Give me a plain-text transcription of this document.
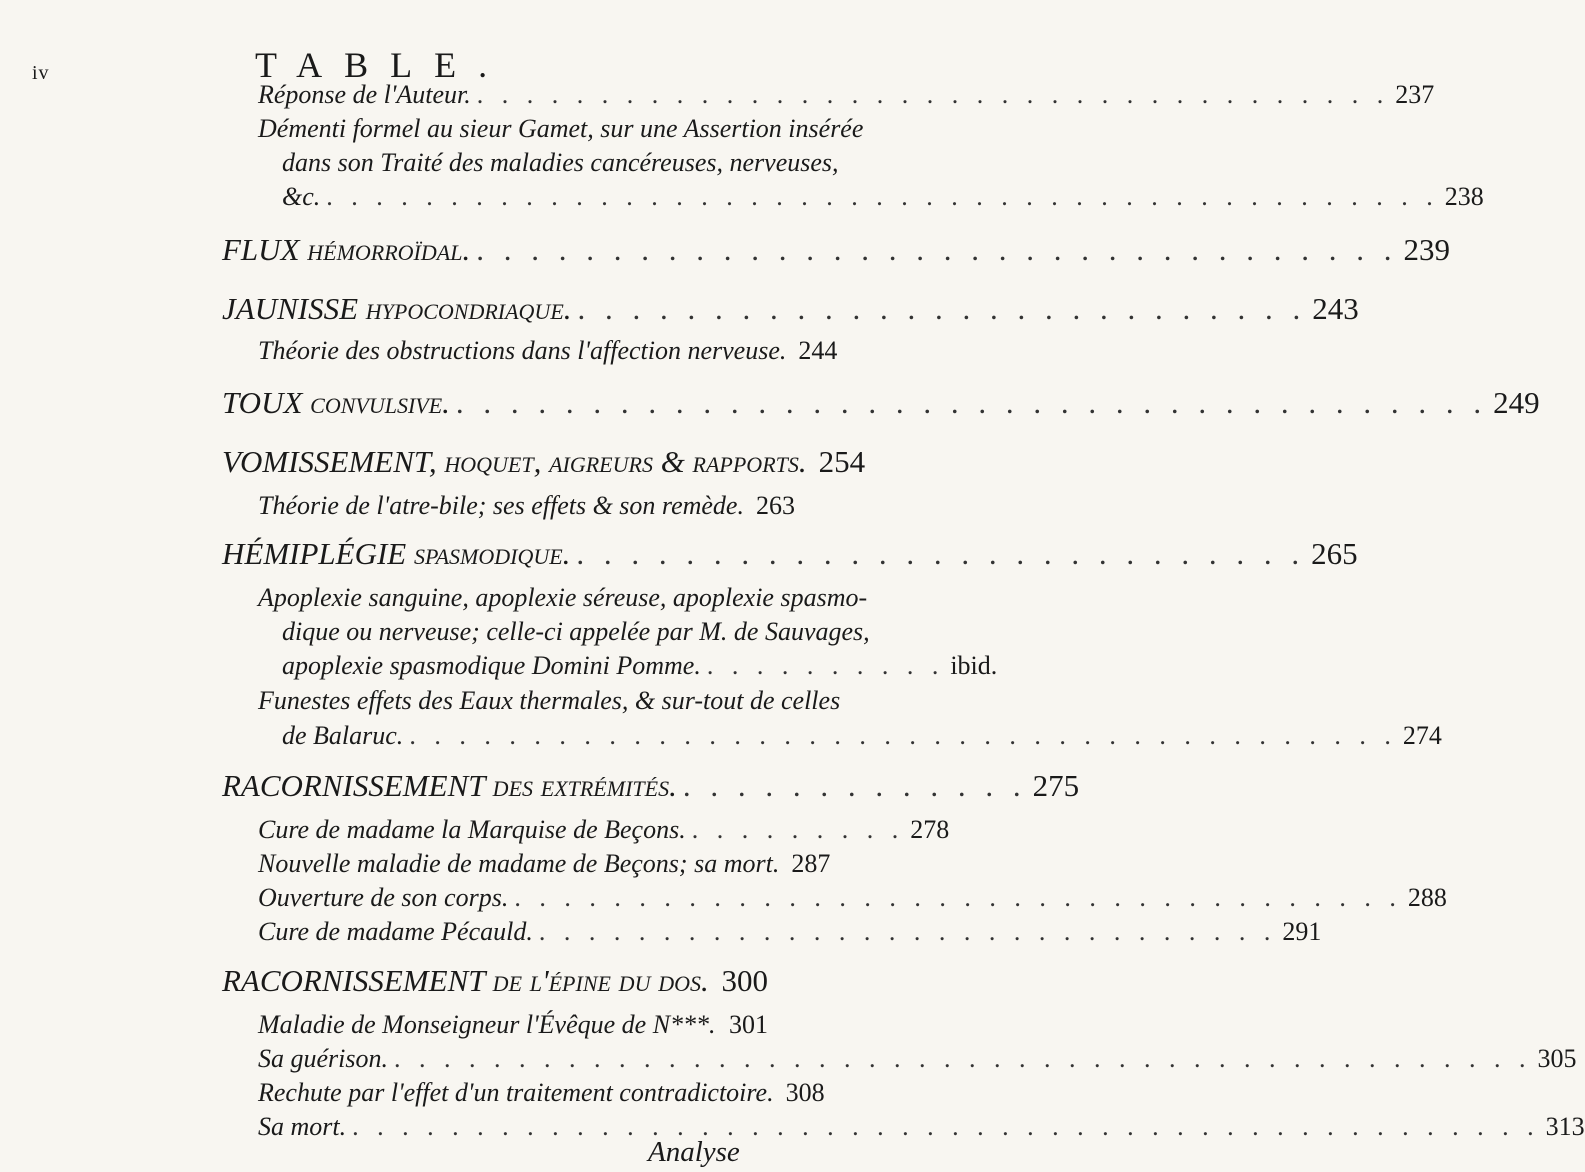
iv	TABLE.
Réponse de l'Auteur. . . . . . . . . . . . . . . . . . . . . . . . . . . . . . . . . . . . . . 237
Démenti formel au sieur Gamet, sur une Assertion insérée
dans son Traité des maladies cancéreuses, nerveuses,
&c. . . . . . . . . . . . . . . . . . . . . . . . . . . . . . . . . . . . . . . . . . . . . . 238
FLUX hémorroïdal. . . . . . . . . . . . . . . . . . . . . . . . . . . . . . . . . . . 239
JAUNISSE hypocondriaque. . . . . . . . . . . . . . . . . . . . . . . . . . . . 243
Théorie des obstructions dans l'affection nerveuse. 244
TOUX convulsive. . . . . . . . . . . . . . . . . . . . . . . . . . . . . . . . . . . . . . . 249
VOMISSEMENT, hoquet, aigreurs & rapports. 254
Théorie de l'atre-bile; ses effets & son remède. 263
HÉMIPLÉGIE spasmodique. . . . . . . . . . . . . . . . . . . . . . . . . . . . 265
Apoplexie sanguine, apoplexie séreuse, apoplexie spasmo-
dique ou nerveuse; celle-ci appelée par M. de Sauvages,
apoplexie spasmodique Domini Pomme. . . . . . . . . . . ibid.
Funestes effets des Eaux thermales, & sur-tout de celles
de Balaruc. . . . . . . . . . . . . . . . . . . . . . . . . . . . . . . . . . . . . . . . . 274
RACORNISSEMENT des extrémités. . . . . . . . . . . . . . 275
Cure de madame la Marquise de Beçons. . . . . . . . . . 278
Nouvelle maladie de madame de Beçons; sa mort. 287
Ouverture de son corps. . . . . . . . . . . . . . . . . . . . . . . . . . . . . . . . . . . . . 288
Cure de madame Pécauld. . . . . . . . . . . . . . . . . . . . . . . . . . . . . . . 291
RACORNISSEMENT de l'épine du dos. 300
Maladie de Monseigneur l'Évêque de N***. 301
Sa guérison. . . . . . . . . . . . . . . . . . . . . . . . . . . . . . . . . . . . . . . . . . . . . . . 305
Rechute par l'effet d'un traitement contradictoire. 308
Sa mort. . . . . . . . . . . . . . . . . . . . . . . . . . . . . . . . . . . . . . . . . . . . . . . . . 313
Analyse
